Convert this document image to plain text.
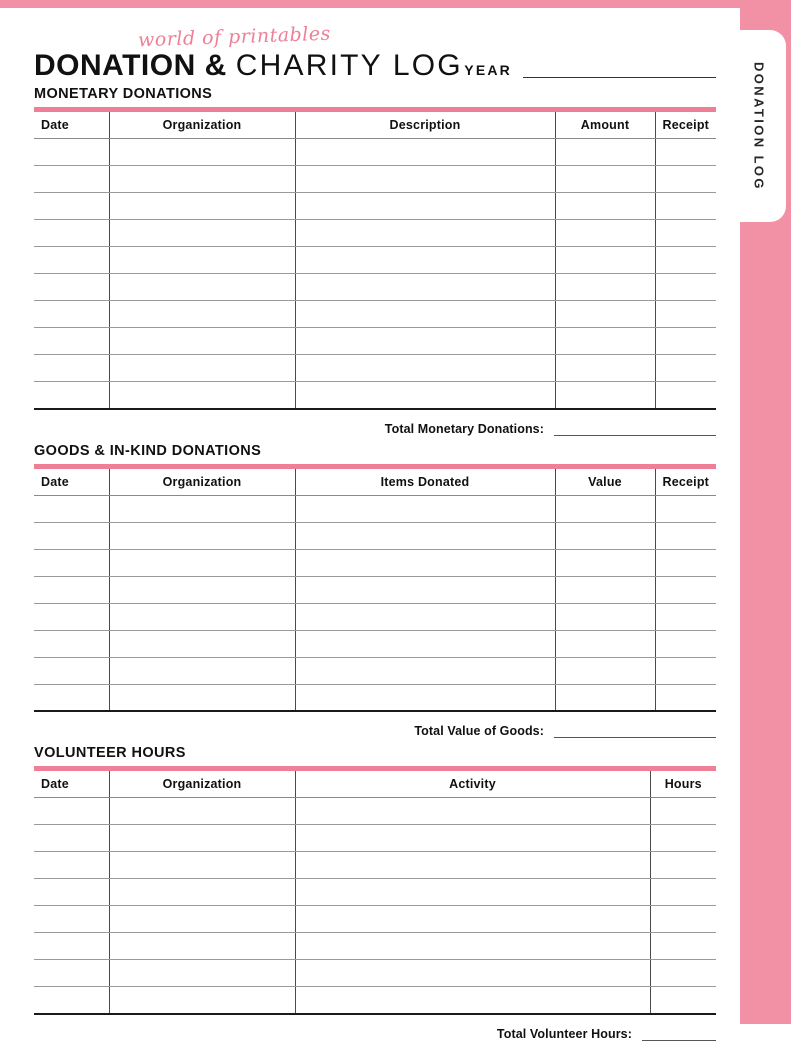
DONATION LOG
world of printables
DONATION & CHARITY LOG YEAR
MONETARY DONATIONS
Date	Organization	Description	Amount	Receipt

Total Monetary Donations:
GOODS & IN-KIND DONATIONS
Date	Organization	Items Donated	Value	Receipt

Total Value of Goods:
VOLUNTEER HOURS
Date	Organization	Activity	Hours

Total Volunteer Hours:
